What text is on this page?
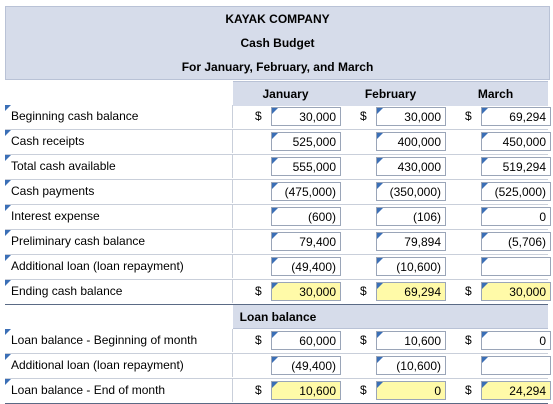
KAYAK COMPANY
Cash Budget
For January, February, and March
January	February	March
Beginning cash balance	$	30,000	$	30,000	$	69,294
Cash receipts	525,000	400,000	450,000
Total cash available	555,000	430,000	519,294
Cash payments	(475,000)	(350,000)	(525,000)
Interest expense	(600)	(106)	0
Preliminary cash balance	79,400	79,894	(5,706)
Additional loan (loan repayment)	(49,400)	(10,600)
Ending cash balance	$	30,000	$	69,294	$	30,000
Loan balance
Loan balance - Beginning of month	$	60,000	$	10,600	$	0
Additional loan (loan repayment)	(49,400)	(10,600)
Loan balance - End of month	$	10,600	$	0	$	24,294
